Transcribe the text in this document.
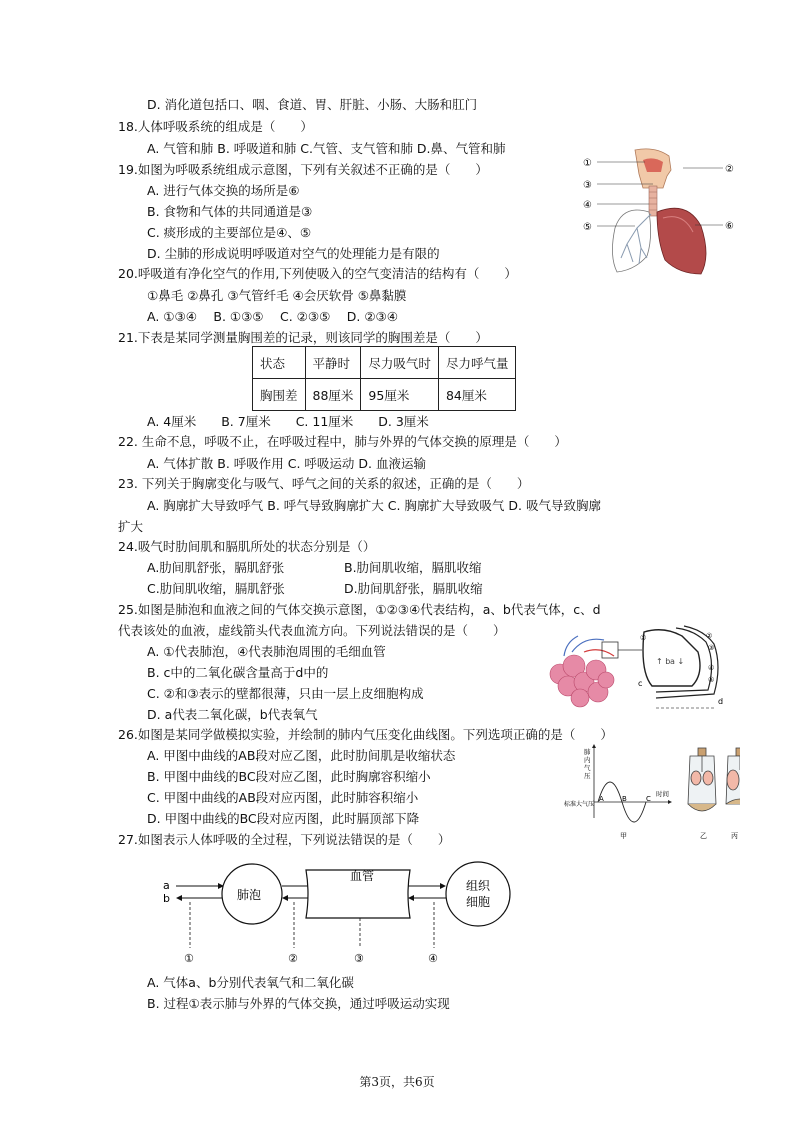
D. 消化道包括口、咽、食道、胃、肝脏、小肠、大肠和肛门
18.人体呼吸系统的组成是（　　）
A. 气管和肺 B. 呼吸道和肺 C.气管、支气管和肺 D.鼻、气管和肺
19.如图为呼吸系统组成示意图，下列有关叙述不正确的是（　　）
A. 进行气体交换的场所是⑥
B. 食物和气体的共同通道是③
C. 痰形成的主要部位是④、⑤
D. 尘肺的形成说明呼吸道对空气的处理能力是有限的
20.呼吸道有净化空气的作用,下列使吸入的空气变清洁的结构有（　　）
①鼻毛 ②鼻孔 ③气管纤毛 ④会厌软骨 ⑤鼻黏膜
A. ①③④　 B. ①③⑤　 C. ②③⑤　 D. ②③④
21.下表是某同学测量胸围差的记录，则该同学的胸围差是（　　）
状态	平静时	尽力吸气时	尽力呼气量
胸围差	88厘米	95厘米	84厘米
A. 4厘米　　B. 7厘米　　C. 11厘米　　D. 3厘米
22. 生命不息，呼吸不止，在呼吸过程中，肺与外界的气体交换的原理是（　　）
A. 气体扩散 B. 呼吸作用 C. 呼吸运动 D. 血液运输
23. 下列关于胸廓变化与吸气、呼气之间的关系的叙述，正确的是（　　）
A. 胸廓扩大导致呼气 B. 呼气导致胸廓扩大 C. 胸廓扩大导致吸气 D. 吸气导致胸廓
扩大
24.吸气时肋间肌和膈肌所处的状态分别是（）
A.肋间肌舒张，膈肌舒张	B.肋间肌收缩，膈肌收缩
C.肋间肌收缩，膈肌舒张	D.肋间肌舒张，膈肌收缩
25.如图是肺泡和血液之间的气体交换示意图，①②③④代表结构，a、b代表气体，c、d
代表该处的血液，虚线箭头代表血流方向。下列说法错误的是（　　）
A. ①代表肺泡，④代表肺泡周围的毛细血管
B. c中的二氧化碳含量高于d中的
C. ②和③表示的壁都很薄，只由一层上皮细胞构成
D. a代表二氧化碳，b代表氧气
26.如图是某同学做模拟实验，并绘制的肺内气压变化曲线图。下列选项正确的是（　　）
A. 甲图中曲线的AB段对应乙图，此时肋间肌是收缩状态
B. 甲图中曲线的BC段对应乙图，此时胸廓容积缩小
C. 甲图中曲线的AB段对应丙图，此时肺容积缩小
D. 甲图中曲线的BC段对应丙图，此时膈顶部下降
27.如图表示人体呼吸的全过程，下列说法错误的是（　　）
A. 气体a、b分别代表氧气和二氧化碳
B. 过程①表示肺与外界的气体交换，通过呼吸运动实现
①
②
③
④
⑤	⑥
↑ b a ↓
①	②
③
④
⑤
c
d
A	B	C
肺内气压
标准大气压
时间
甲	乙	丙
a
b	肺泡
血管
组织 细胞
①	②	③	④
第3页，共6页
